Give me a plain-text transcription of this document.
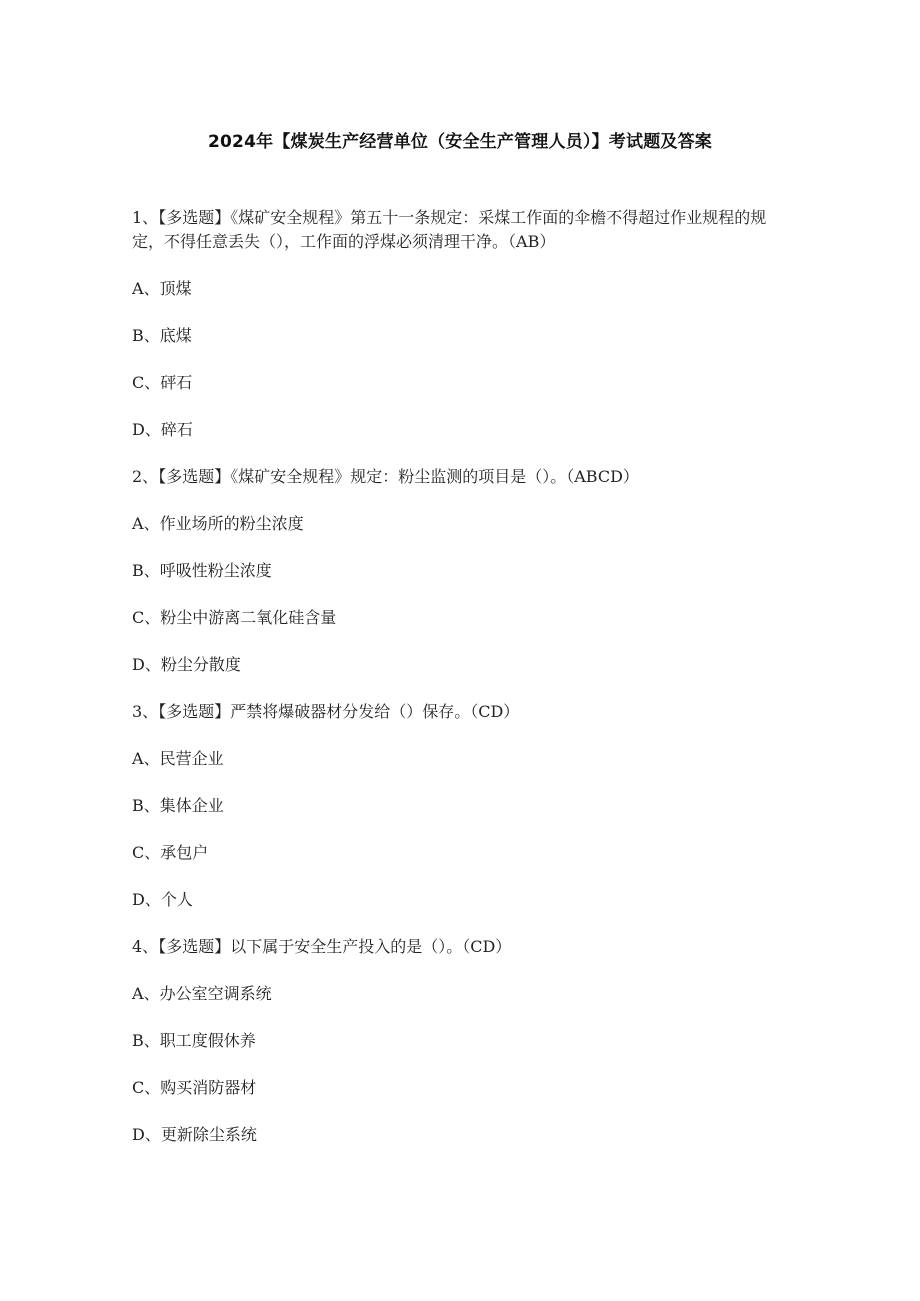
2024年【煤炭生产经营单位（安全生产管理人员）】考试题及答案
1、【多选题】《煤矿安全规程》第五十一条规定：采煤工作面的伞檐不得超过作业规程的规定，不得任意丢失（），工作面的浮煤必须清理干净。（AB）
A、顶煤
B、底煤
C、砰石
D、碎石
2、【多选题】《煤矿安全规程》规定：粉尘监测的项目是（）。（ABCD）
A、作业场所的粉尘浓度
B、呼吸性粉尘浓度
C、粉尘中游离二氧化硅含量
D、粉尘分散度
3、【多选题】严禁将爆破器材分发给（）保存。（CD）
A、民营企业
B、集体企业
C、承包户
D、个人
4、【多选题】以下属于安全生产投入的是（）。（CD）
A、办公室空调系统
B、职工度假休养
C、购买消防器材
D、更新除尘系统
